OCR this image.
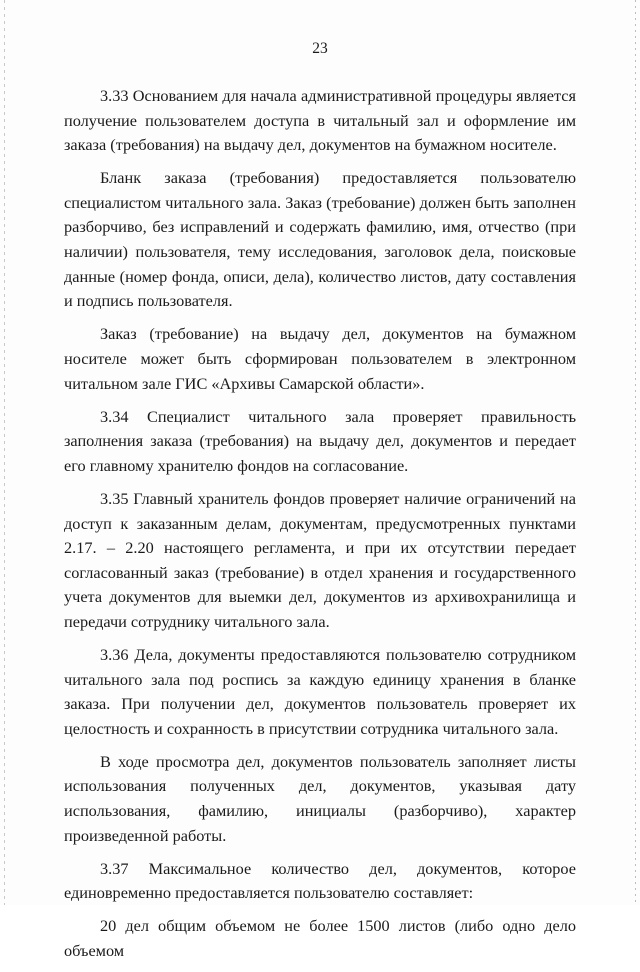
23

3.33 Основанием для начала административной процедуры является получение пользователем доступа в читальный зал и оформление им заказа (требования) на выдачу дел, документов на бумажном носителе.

Бланк заказа (требования) предоставляется пользователю специалистом читального зала. Заказ (требование) должен быть заполнен разборчиво, без исправлений и содержать фамилию, имя, отчество (при наличии) пользователя, тему исследования, заголовок дела, поисковые данные (номер фонда, описи, дела), количество листов, дату составления и подпись пользователя.

Заказ (требование) на выдачу дел, документов на бумажном носителе может быть сформирован пользователем в электронном читальном зале ГИС «Архивы Самарской области».

3.34 Специалист читального зала проверяет правильность заполнения заказа (требования) на выдачу дел, документов и передает его главному хранителю фондов на согласование.

3.35 Главный хранитель фондов проверяет наличие ограничений на доступ к заказанным делам, документам, предусмотренных пунктами 2.17. – 2.20 настоящего регламента, и при их отсутствии передает согласованный заказ (требование) в отдел хранения и государственного учета документов для выемки дел, документов из архивохранилища и передачи сотруднику читального зала.

3.36 Дела, документы предоставляются пользователю сотрудником читального зала под роспись за каждую единицу хранения в бланке заказа. При получении дел, документов пользователь проверяет их целостность и сохранность в присутствии сотрудника читального зала.

В ходе просмотра дел, документов пользователь заполняет листы использования полученных дел, документов, указывая дату использования, фамилию, инициалы (разборчиво), характер произведенной работы.

3.37 Максимальное количество дел, документов, которое единовременно предоставляется пользователю составляет:

20 дел общим объемом не более 1500 листов (либо одно дело объемом
